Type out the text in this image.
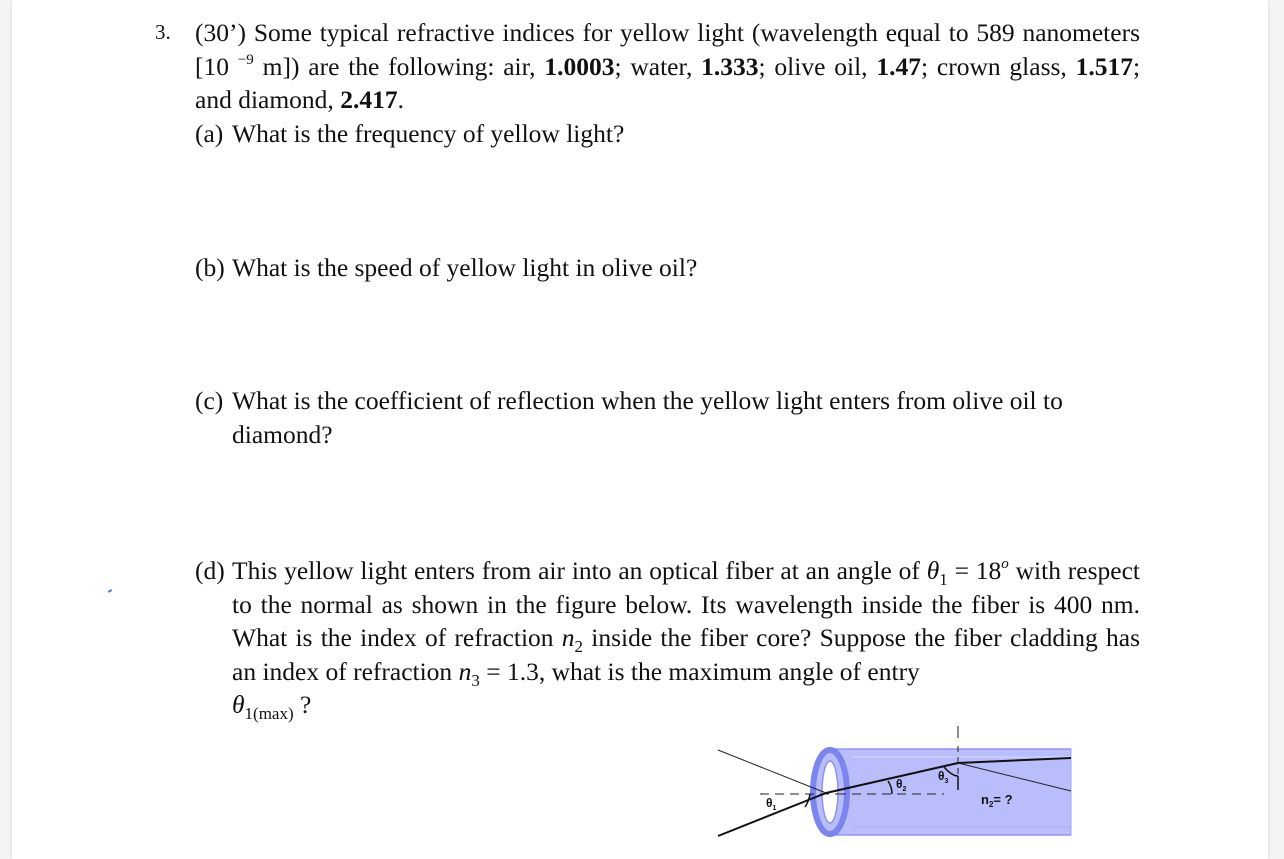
3. (30’) Some typical refractive indices for yellow light (wavelength equal to 589 nanometers [10 $^{-9}$ m]) are the following: air, 1.0003; water, 1.333; olive oil, 1.47; crown glass, 1.517; and diamond, 2.417.
(a) What is the frequency of yellow light?
(b) What is the speed of yellow light in olive oil?
(c) What is the coefficient of reflection when the yellow light enters from olive oil to diamond?
(d) This yellow light enters from air into an optical fiber at an angle of $\theta_1 = 18^o$ with respect to the normal as shown in the figure below. Its wavelength inside the fiber is 400 nm. What is the index of refraction $n_2$ inside the fiber core? Suppose the fiber cladding has an index of refraction $n_3 = 1.3$, what is the maximum angle of entry
$\theta_{1(max)}$ ?
$\theta_1$
$\theta_2$
$\theta_3$
$n_2=$ ?
